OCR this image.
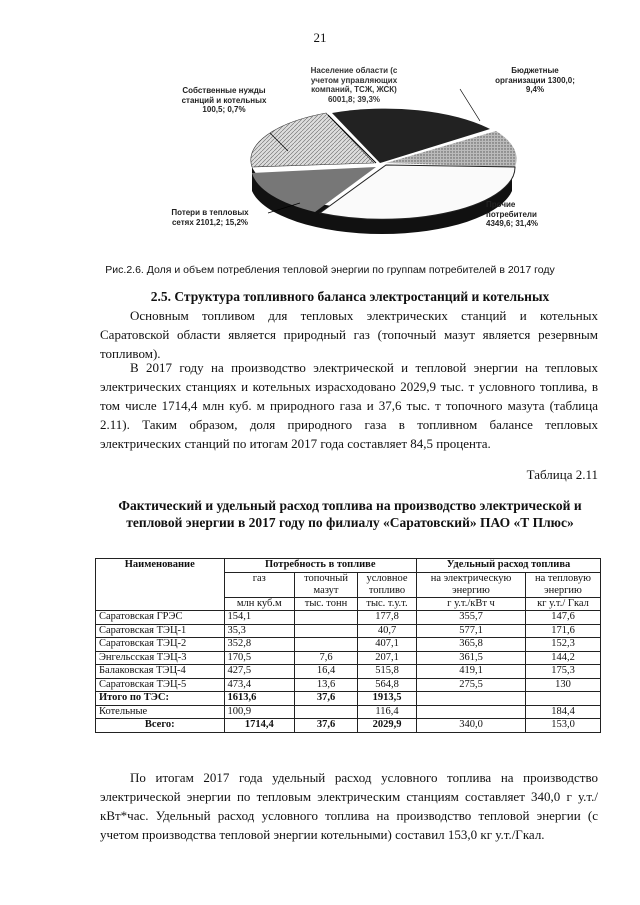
21
Собственные нужды станций и котельных 100,5; 0,7%
Население области (с учетом управляющих компаний, ТСЖ, ЖСК) 6001,8; 39,3%
Бюджетные организации 1300,0; 9,4%
Прочие потребители 4349,6; 31,4%
Потери в тепловых сетях 2101,2; 15,2%
Рис.2.6. Доля и объем потребления тепловой энергии по группам потребителей в 2017 году
2.5. Структура топливного баланса электростанций и котельных

Основным топливом для тепловых электрических станций и котельных Саратовской области является природный газ (топочный мазут является резервным топливом).

В 2017 году на производство электрической и тепловой энергии на тепловых электрических станциях и котельных израсходовано 2029,9 тыс. т условного топлива, в том числе 1714,4 млн куб. м природного газа и 37,6 тыс. т топочного мазута (таблица 2.11). Таким образом, доля природного газа в топливном балансе тепловых электрических станций по итогам 2017 года составляет 84,5 процента.

Таблица 2.11
Фактический и удельный расход топлива на производство электрической и тепловой энергии в 2017 году по филиалу «Саратовский» ПАО «Т Плюс»
Наименование	Потребность в топливе			Удельный расход топлива	
	газ	топочный мазут	условное топливо	на электрическую энергию	на тепловую энергию
	млн куб.м	тыс. тонн	тыс. т.у.т.	г у.т./кВт ч	кг у.т./ Гкал
Саратовская ГРЭС	154,1		177,8	355,7	147,6
Саратовская ТЭЦ-1	35,3		40,7	577,1	171,6
Саратовская ТЭЦ-2	352,8		407,1	365,8	152,3
Энгельсская ТЭЦ-3	170,5	7,6	207,1	361,5	144,2
Балаковская ТЭЦ-4	427,5	16,4	515,8	419,1	175,3
Саратовская ТЭЦ-5	473,4	13,6	564,8	275,5	130
Итого по ТЭС:	1613,6	37,6	1913,5		
Котельные	100,9		116,4		184,4
Всего:	1714,4	37,6	2029,9	340,0	153,0

По итогам 2017 года удельный расход условного топлива на производство электрической энергии по тепловым электрическим станциям составляет 340,0 г у.т./кВт*час. Удельный расход условного топлива на производство тепловой энергии (с учетом производства тепловой энергии котельными) составил 153,0 кг у.т./Гкал.
